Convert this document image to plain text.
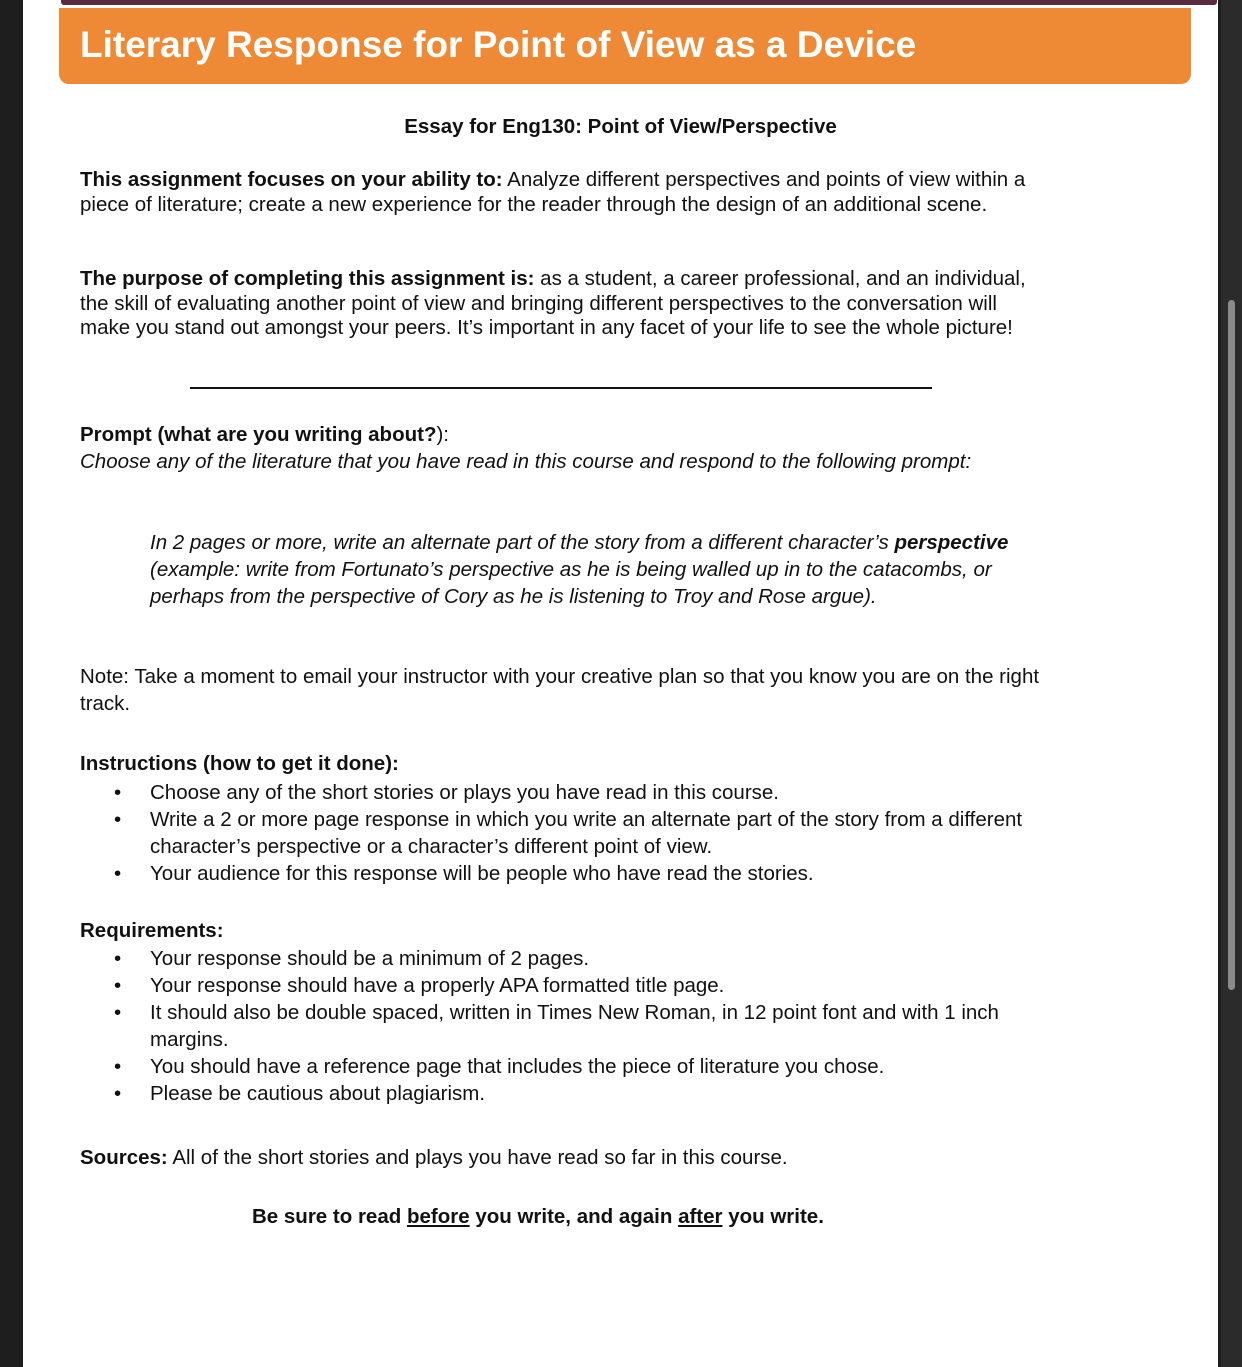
Literary Response for Point of View as a Device

Essay for Eng130: Point of View/Perspective

This assignment focuses on your ability to: Analyze different perspectives and points of view within a piece of literature; create a new experience for the reader through the design of an additional scene.

The purpose of completing this assignment is: as a student, a career professional, and an individual, the skill of evaluating another point of view and bringing different perspectives to the conversation will make you stand out amongst your peers. It’s important in any facet of your life to see the whole picture!

Prompt (what are you writing about?):

Choose any of the literature that you have read in this course and respond to the following prompt:

In 2 pages or more, write an alternate part of the story from a different character’s perspective (example: write from Fortunato’s perspective as he is being walled up in to the catacombs, or perhaps from the perspective of Cory as he is listening to Troy and Rose argue).

Note: Take a moment to email your instructor with your creative plan so that you know you are on the right track.

Instructions (how to get it done):

• Choose any of the short stories or plays you have read in this course.
• Write a 2 or more page response in which you write an alternate part of the story from a different character’s perspective or a character’s different point of view.
• Your audience for this response will be people who have read the stories.

Requirements:

• Your response should be a minimum of 2 pages.
• Your response should have a properly APA formatted title page.
• It should also be double spaced, written in Times New Roman, in 12 point font and with 1 inch margins.
• You should have a reference page that includes the piece of literature you chose.
• Please be cautious about plagiarism.

Sources: All of the short stories and plays you have read so far in this course.

Be sure to read before you write, and again after you write.
